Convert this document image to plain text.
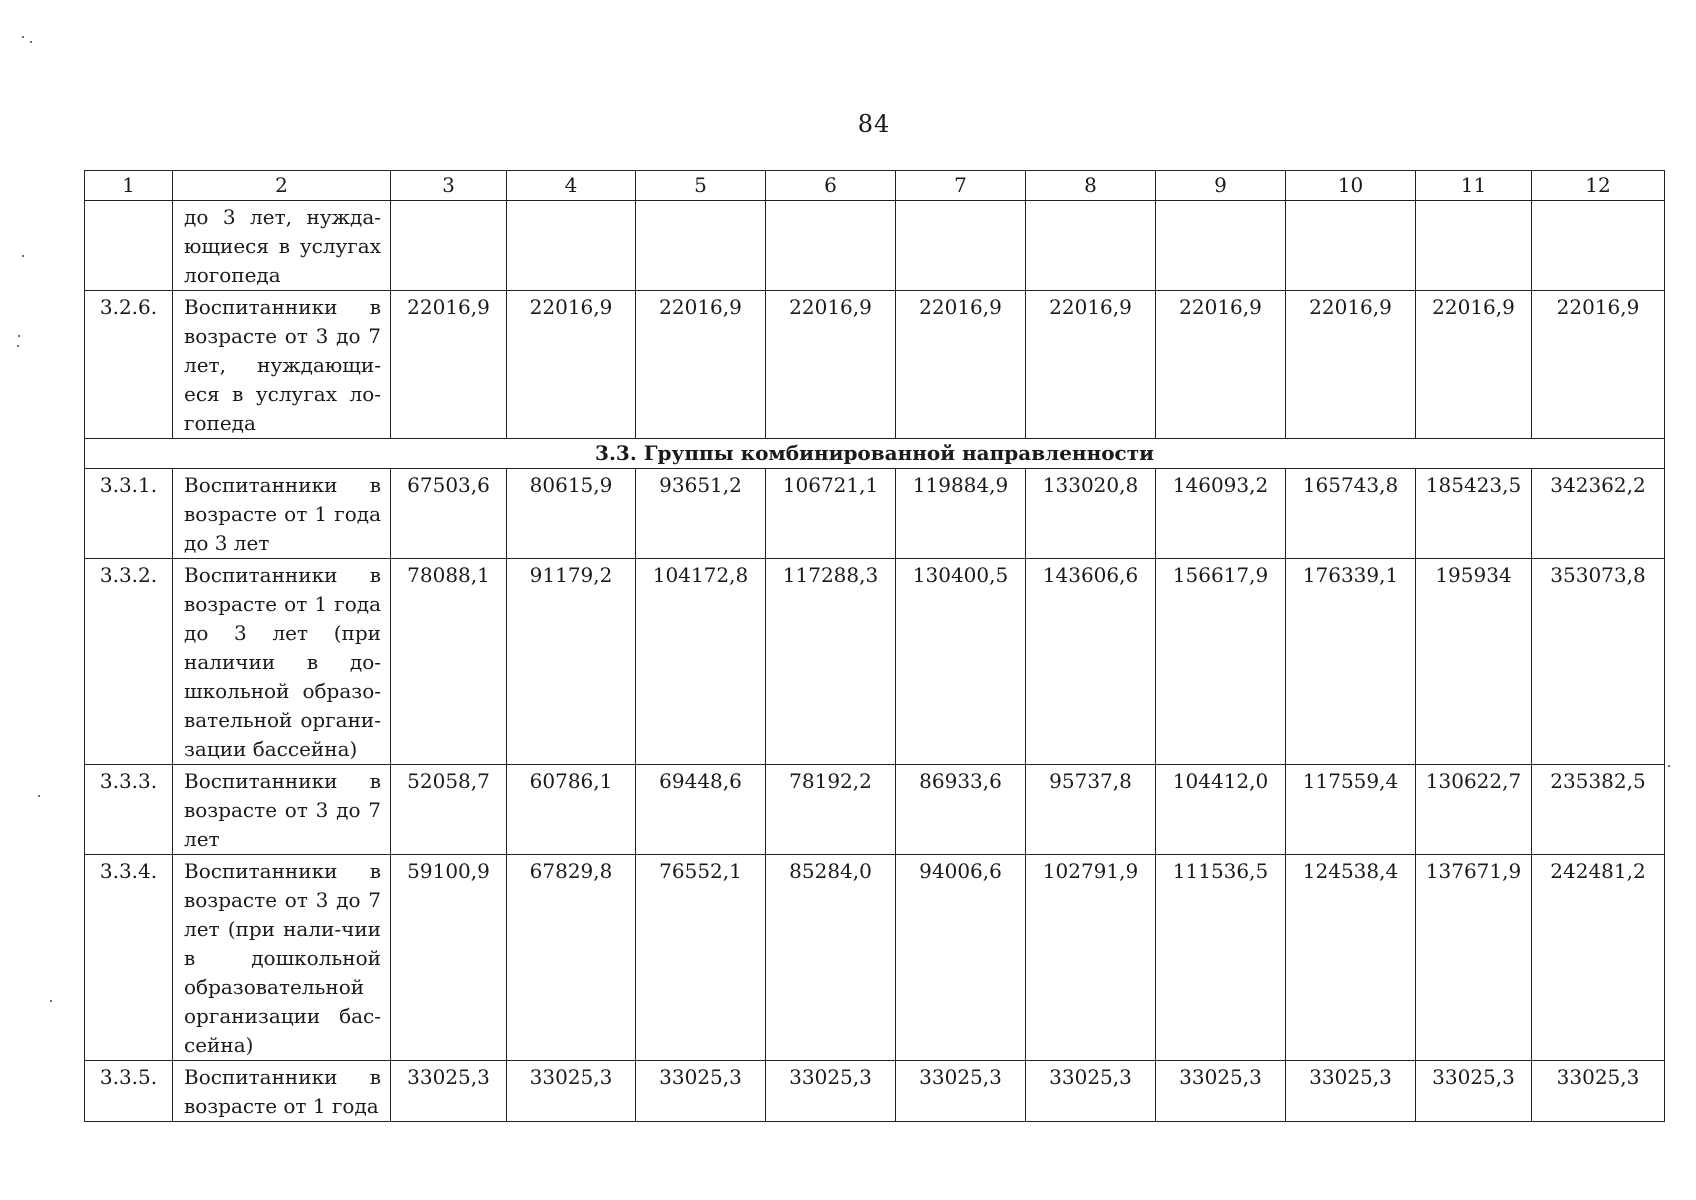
84
1	2	3	4	5	6	7	8	9	10	11	12
	до 3 лет, нужда-ющиеся в услугах логопеда										
3.2.6.	Воспитанники в возрасте от 3 до 7 лет, нуждающи-еся в услугах ло-гопеда	22016,9	22016,9	22016,9	22016,9	22016,9	22016,9	22016,9	22016,9	22016,9	22016,9
3.3. Группы комбинированной направленности											
3.3.1.	Воспитанники в возрасте от 1 года до 3 лет	67503,6	80615,9	93651,2	106721,1	119884,9	133020,8	146093,2	165743,8	185423,5	342362,2
3.3.2.	Воспитанники в возрасте от 1 года до 3 лет (при наличии в до-школьной образо-вательной органи-зации бассейна)	78088,1	91179,2	104172,8	117288,3	130400,5	143606,6	156617,9	176339,1	195934	353073,8
3.3.3.	Воспитанники в возрасте от 3 до 7 лет	52058,7	60786,1	69448,6	78192,2	86933,6	95737,8	104412,0	117559,4	130622,7	235382,5
3.3.4.	Воспитанники в возрасте от 3 до 7 лет (при нали-чии в дошкольной образовательной организации бас-сейна)	59100,9	67829,8	76552,1	85284,0	94006,6	102791,9	111536,5	124538,4	137671,9	242481,2
3.3.5.	Воспитанники в возрасте от 1 года	33025,3	33025,3	33025,3	33025,3	33025,3	33025,3	33025,3	33025,3	33025,3	33025,3
